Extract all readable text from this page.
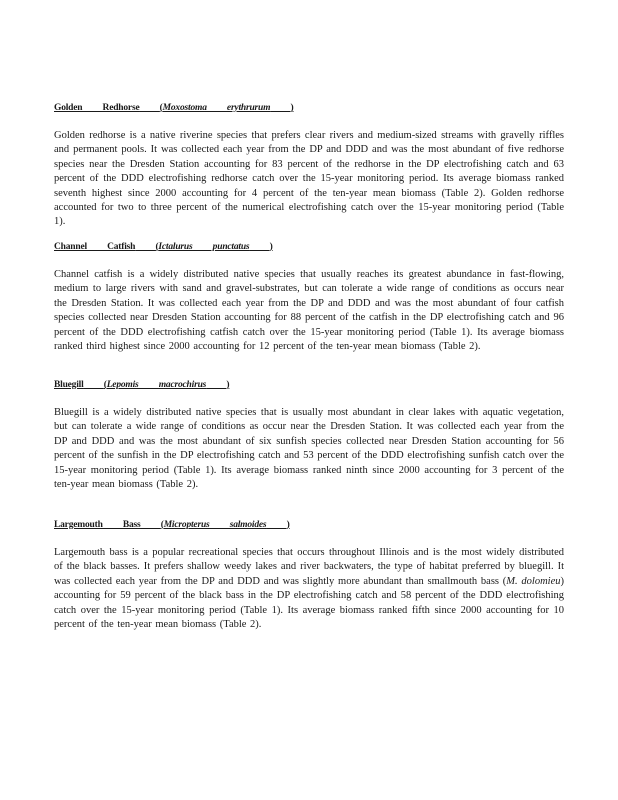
Golden Redhorse (Moxostoma erythrurum )

Golden redhorse is a native riverine species that prefers clear rivers and medium-sized streams with gravelly riffles and permanent pools. It was collected each year from the DP and DDD and was the most abundant of five redhorse species near the Dresden Station accounting for 83 percent of the redhorse in the DP electrofishing catch and 63 percent of the DDD electrofishing redhorse catch over the 15-year monitoring period. Its average biomass ranked seventh highest since 2000 accounting for 4 percent of the ten-year mean biomass (Table 2). Golden redhorse accounted for two to three percent of the numerical electrofishing catch over the 15-year monitoring period (Table 1).

Channel Catfish (Ictalurus punctatus )

Channel catfish is a widely distributed native species that usually reaches its greatest abundance in fast-flowing, medium to large rivers with sand and gravel-substrates, but can tolerate a wide range of conditions as occurs near the Dresden Station. It was collected each year from the DP and DDD and was the most abundant of four catfish species collected near Dresden Station accounting for 88 percent of the catfish in the DP electrofishing catch and 96 percent of the DDD electrofishing catfish catch over the 15-year monitoring period (Table 1). Its average biomass ranked third highest since 2000 accounting for 12 percent of the ten-year mean biomass (Table 2).

Bluegill (Lepomis macrochirus )

Bluegill is a widely distributed native species that is usually most abundant in clear lakes with aquatic vegetation, but can tolerate a wide range of conditions as occur near the Dresden Station. It was collected each year from the DP and DDD and was the most abundant of six sunfish species collected near Dresden Station accounting for 56 percent of the sunfish in the DP electrofishing catch and 53 percent of the DDD electrofishing sunfish catch over the 15-year monitoring period (Table 1). Its average biomass ranked ninth since 2000 accounting for 3 percent of the ten-year mean biomass (Table 2).

Largemouth Bass (Micropterus salmoides )

Largemouth bass is a popular recreational species that occurs throughout Illinois and is the most widely distributed of the black basses. It prefers shallow weedy lakes and river backwaters, the type of habitat preferred by bluegill. It was collected each year from the DP and DDD and was slightly more abundant than smallmouth bass (M. dolomieu) accounting for 59 percent of the black bass in the DP electrofishing catch and 58 percent of the DDD electrofishing catch over the 15-year monitoring period (Table 1). Its average biomass ranked fifth since 2000 accounting for 10 percent of the ten-year mean biomass (Table 2).
